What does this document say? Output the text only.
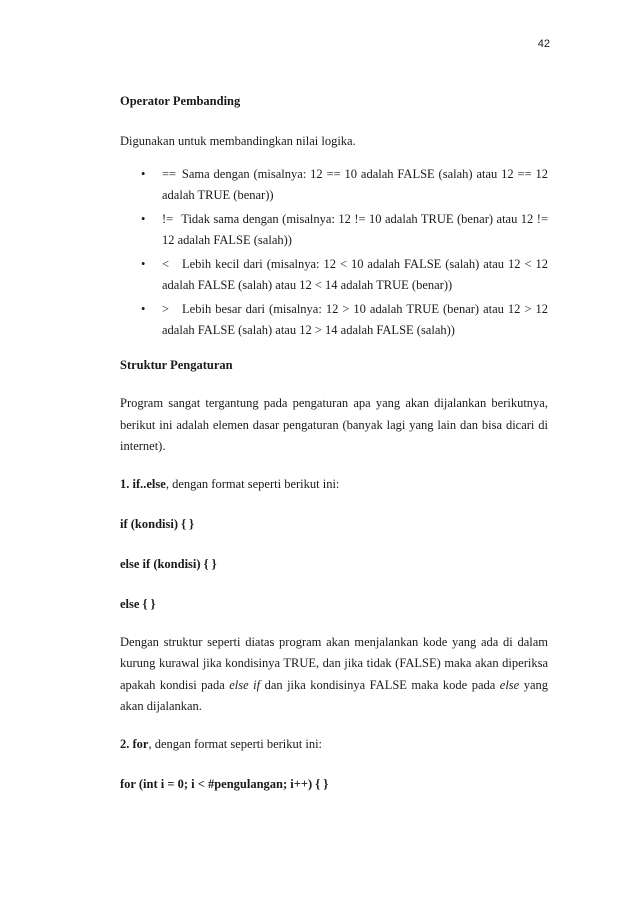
42

Operator Pembanding

Digunakan untuk membandingkan nilai logika.

• == Sama dengan (misalnya: 12 == 10 adalah FALSE (salah) atau 12 == 12 adalah TRUE (benar))
• != Tidak sama dengan (misalnya: 12 != 10 adalah TRUE (benar) atau 12 != 12 adalah FALSE (salah))
• < Lebih kecil dari (misalnya: 12 < 10 adalah FALSE (salah) atau 12 < 12 adalah FALSE (salah) atau 12 < 14 adalah TRUE (benar))
• > Lebih besar dari (misalnya: 12 > 10 adalah TRUE (benar) atau 12 > 12 adalah FALSE (salah) atau 12 > 14 adalah FALSE (salah))

Struktur Pengaturan

Program sangat tergantung pada pengaturan apa yang akan dijalankan berikutnya, berikut ini adalah elemen dasar pengaturan (banyak lagi yang lain dan bisa dicari di internet).

1. if..else, dengan format seperti berikut ini:

if (kondisi) { }

else if (kondisi) { }

else { }

Dengan struktur seperti diatas program akan menjalankan kode yang ada di dalam kurung kurawal jika kondisinya TRUE, dan jika tidak (FALSE) maka akan diperiksa apakah kondisi pada else if dan jika kondisinya FALSE maka kode pada else yang akan dijalankan.

2. for, dengan format seperti berikut ini:

for (int i = 0; i < #pengulangan; i++) { }
